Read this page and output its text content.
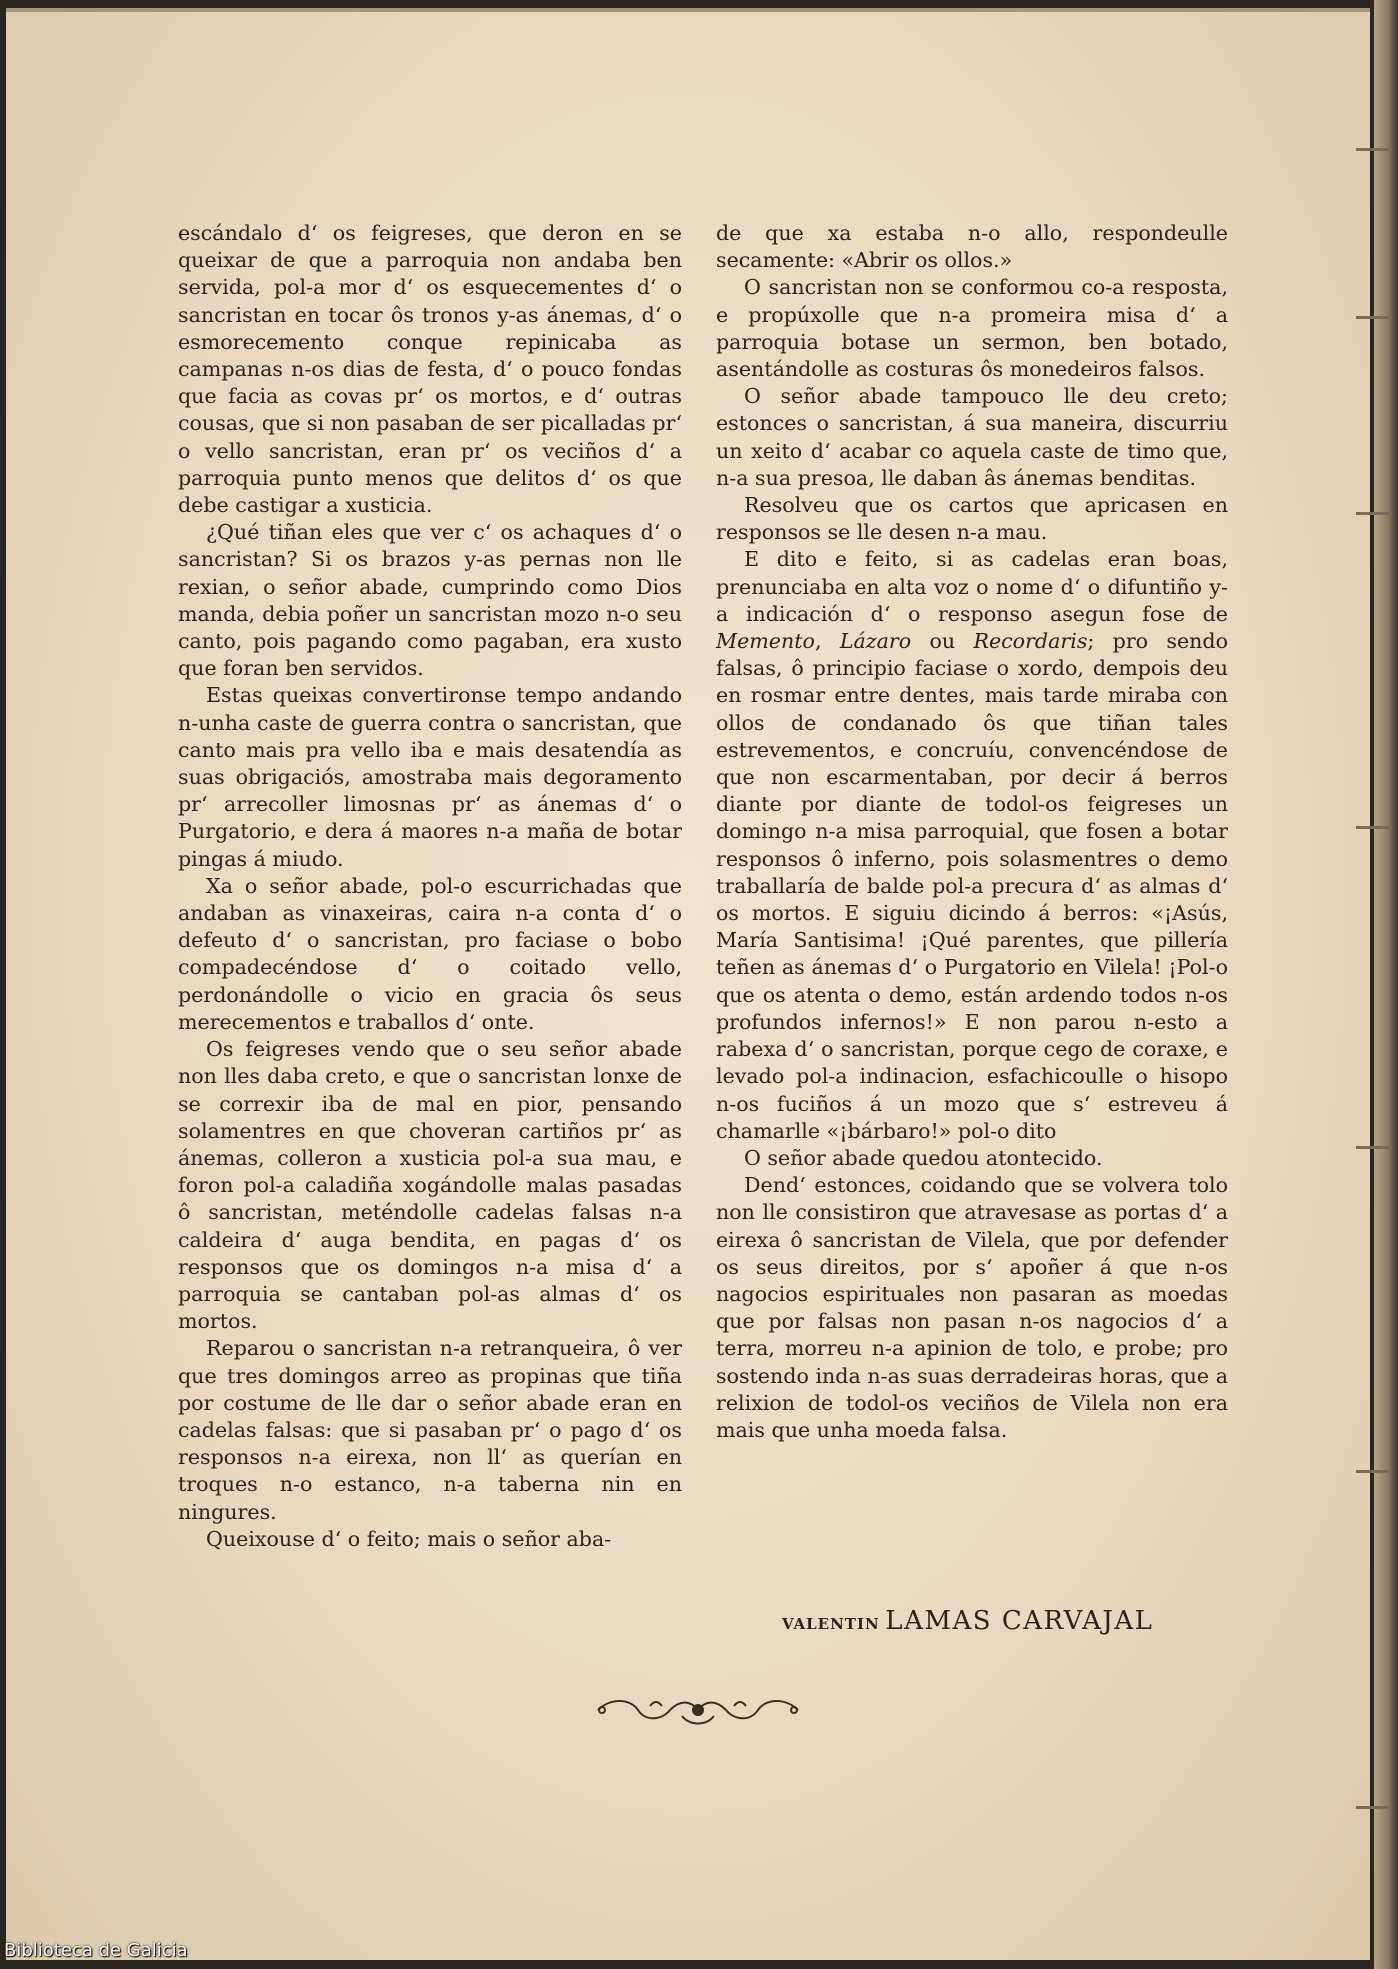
escándalo d‘ os feigreses, que deron en se queixar de que a parroquia non andaba ben servida, pol-a mor d‘ os esquecementes d‘ o sancristan en tocar ôs tronos y-as ánemas, d‘ o esmorecemento conque repinicaba as campanas n-os dias de festa, d‘ o pouco fondas que facia as covas pr‘ os mortos, e d‘ outras cousas, que si non pasaban de ser picalladas pr‘ o vello sancristan, eran pr‘ os veciños d‘ a parroquia punto menos que delitos d‘ os que debe castigar a xusticia.

¿Qué tiñan eles que ver c‘ os achaques d‘ o sancristan? Si os brazos y-as pernas non lle rexian, o señor abade, cumprindo como Dios manda, debia poñer un sancristan mozo n-o seu canto, pois pagando como pagaban, era xusto que foran ben servidos.

Estas queixas convertironse tempo andando n-unha caste de guerra contra o sancristan, que canto mais pra vello iba e mais desatendía as suas obrigaciós, amostraba mais degoramento pr‘ arrecoller limosnas pr‘ as ánemas d‘ o Purgatorio, e dera á maores n-a maña de botar pingas á miudo.

Xa o señor abade, pol-o escurrichadas que andaban as vinaxeiras, caira n-a conta d‘ o defeuto d‘ o sancristan, pro faciase o bobo compadecéndose d‘ o coitado vello, perdonándolle o vicio en gracia ôs seus merecementos e traballos d‘ onte.

Os feigreses vendo que o seu señor abade non lles daba creto, e que o sancristan lonxe de se correxir iba de mal en pior, pensando solamentres en que choveran cartiños pr‘ as ánemas, colleron a xusticia pol-a sua mau, e foron pol-a caladiña xogándolle malas pasadas ô sancristan, meténdolle cadelas falsas n-a caldeira d‘ auga bendita, en pagas d‘ os responsos que os domingos n-a misa d‘ a parroquia se cantaban pol-as almas d‘ os mortos.

Reparou o sancristan n-a retranqueira, ô ver que tres domingos arreo as propinas que tiña por costume de lle dar o señor abade eran en cadelas falsas: que si pasaban pr‘ o pago d‘ os responsos n-a eirexa, non ll‘ as querían en troques n-o estanco, n-a taberna nin en ningures.

Queixouse d‘ o feito; mais o señor aba-

de que xa estaba n-o allo, respondeulle secamente: «Abrir os ollos.»

O sancristan non se conformou co-a resposta, e propúxolle que n-a promeira misa d‘ a parroquia botase un sermon, ben botado, asentándolle as costuras ôs monedeiros falsos.

O señor abade tampouco lle deu creto; estonces o sancristan, á sua maneira, discurriu un xeito d‘ acabar co aquela caste de timo que, n-a sua presoa, lle daban âs ánemas benditas.

Resolveu que os cartos que apricasen en responsos se lle desen n-a mau.

E dito e feito, si as cadelas eran boas, prenunciaba en alta voz o nome d‘ o difuntiño y-a indicación d‘ o responso asegun fose de Memento, Lázaro ou Recordaris; pro sendo falsas, ô principio faciase o xordo, dempois deu en rosmar entre dentes, mais tarde miraba con ollos de condanado ôs que tiñan tales estrevementos, e concruíu, convencéndose de que non escarmentaban, por decir á berros diante por diante de todol-os feigreses un domingo n-a misa parroquial, que fosen a botar responsos ô inferno, pois solasmentres o demo traballaría de balde pol-a precura d‘ as almas d‘ os mortos. E siguiu dicindo á berros: «¡Asús, María Santisima! ¡Qué parentes, que pillería teñen as ánemas d‘ o Purgatorio en Vilela! ¡Pol-o que os atenta o demo, están ardendo todos n-os profundos infernos!» E non parou n-esto a rabexa d‘ o sancristan, porque cego de coraxe, e levado pol-a indinacion, esfachicoulle o hisopo n-os fuciños á un mozo que s‘ estreveu á chamarlle «¡bárbaro!» pol-o dito

O señor abade quedou atontecido.

Dend‘ estonces, coidando que se volvera tolo non lle consistiron que atravesase as portas d‘ a eirexa ô sancristan de Vilela, que por defender os seus direitos, por s‘ apoñer á que n-os nagocios espirituales non pasaran as moedas que por falsas non pasan n-os nagocios d‘ a terra, morreu n-a apinion de tolo, e probe; pro sostendo inda n-as suas derradeiras horas, que a relixion de todol-os veciños de Vilela non era mais que unha moeda falsa.

VALENTIN LAMAS CARVAJAL
Biblioteca de Galicia
